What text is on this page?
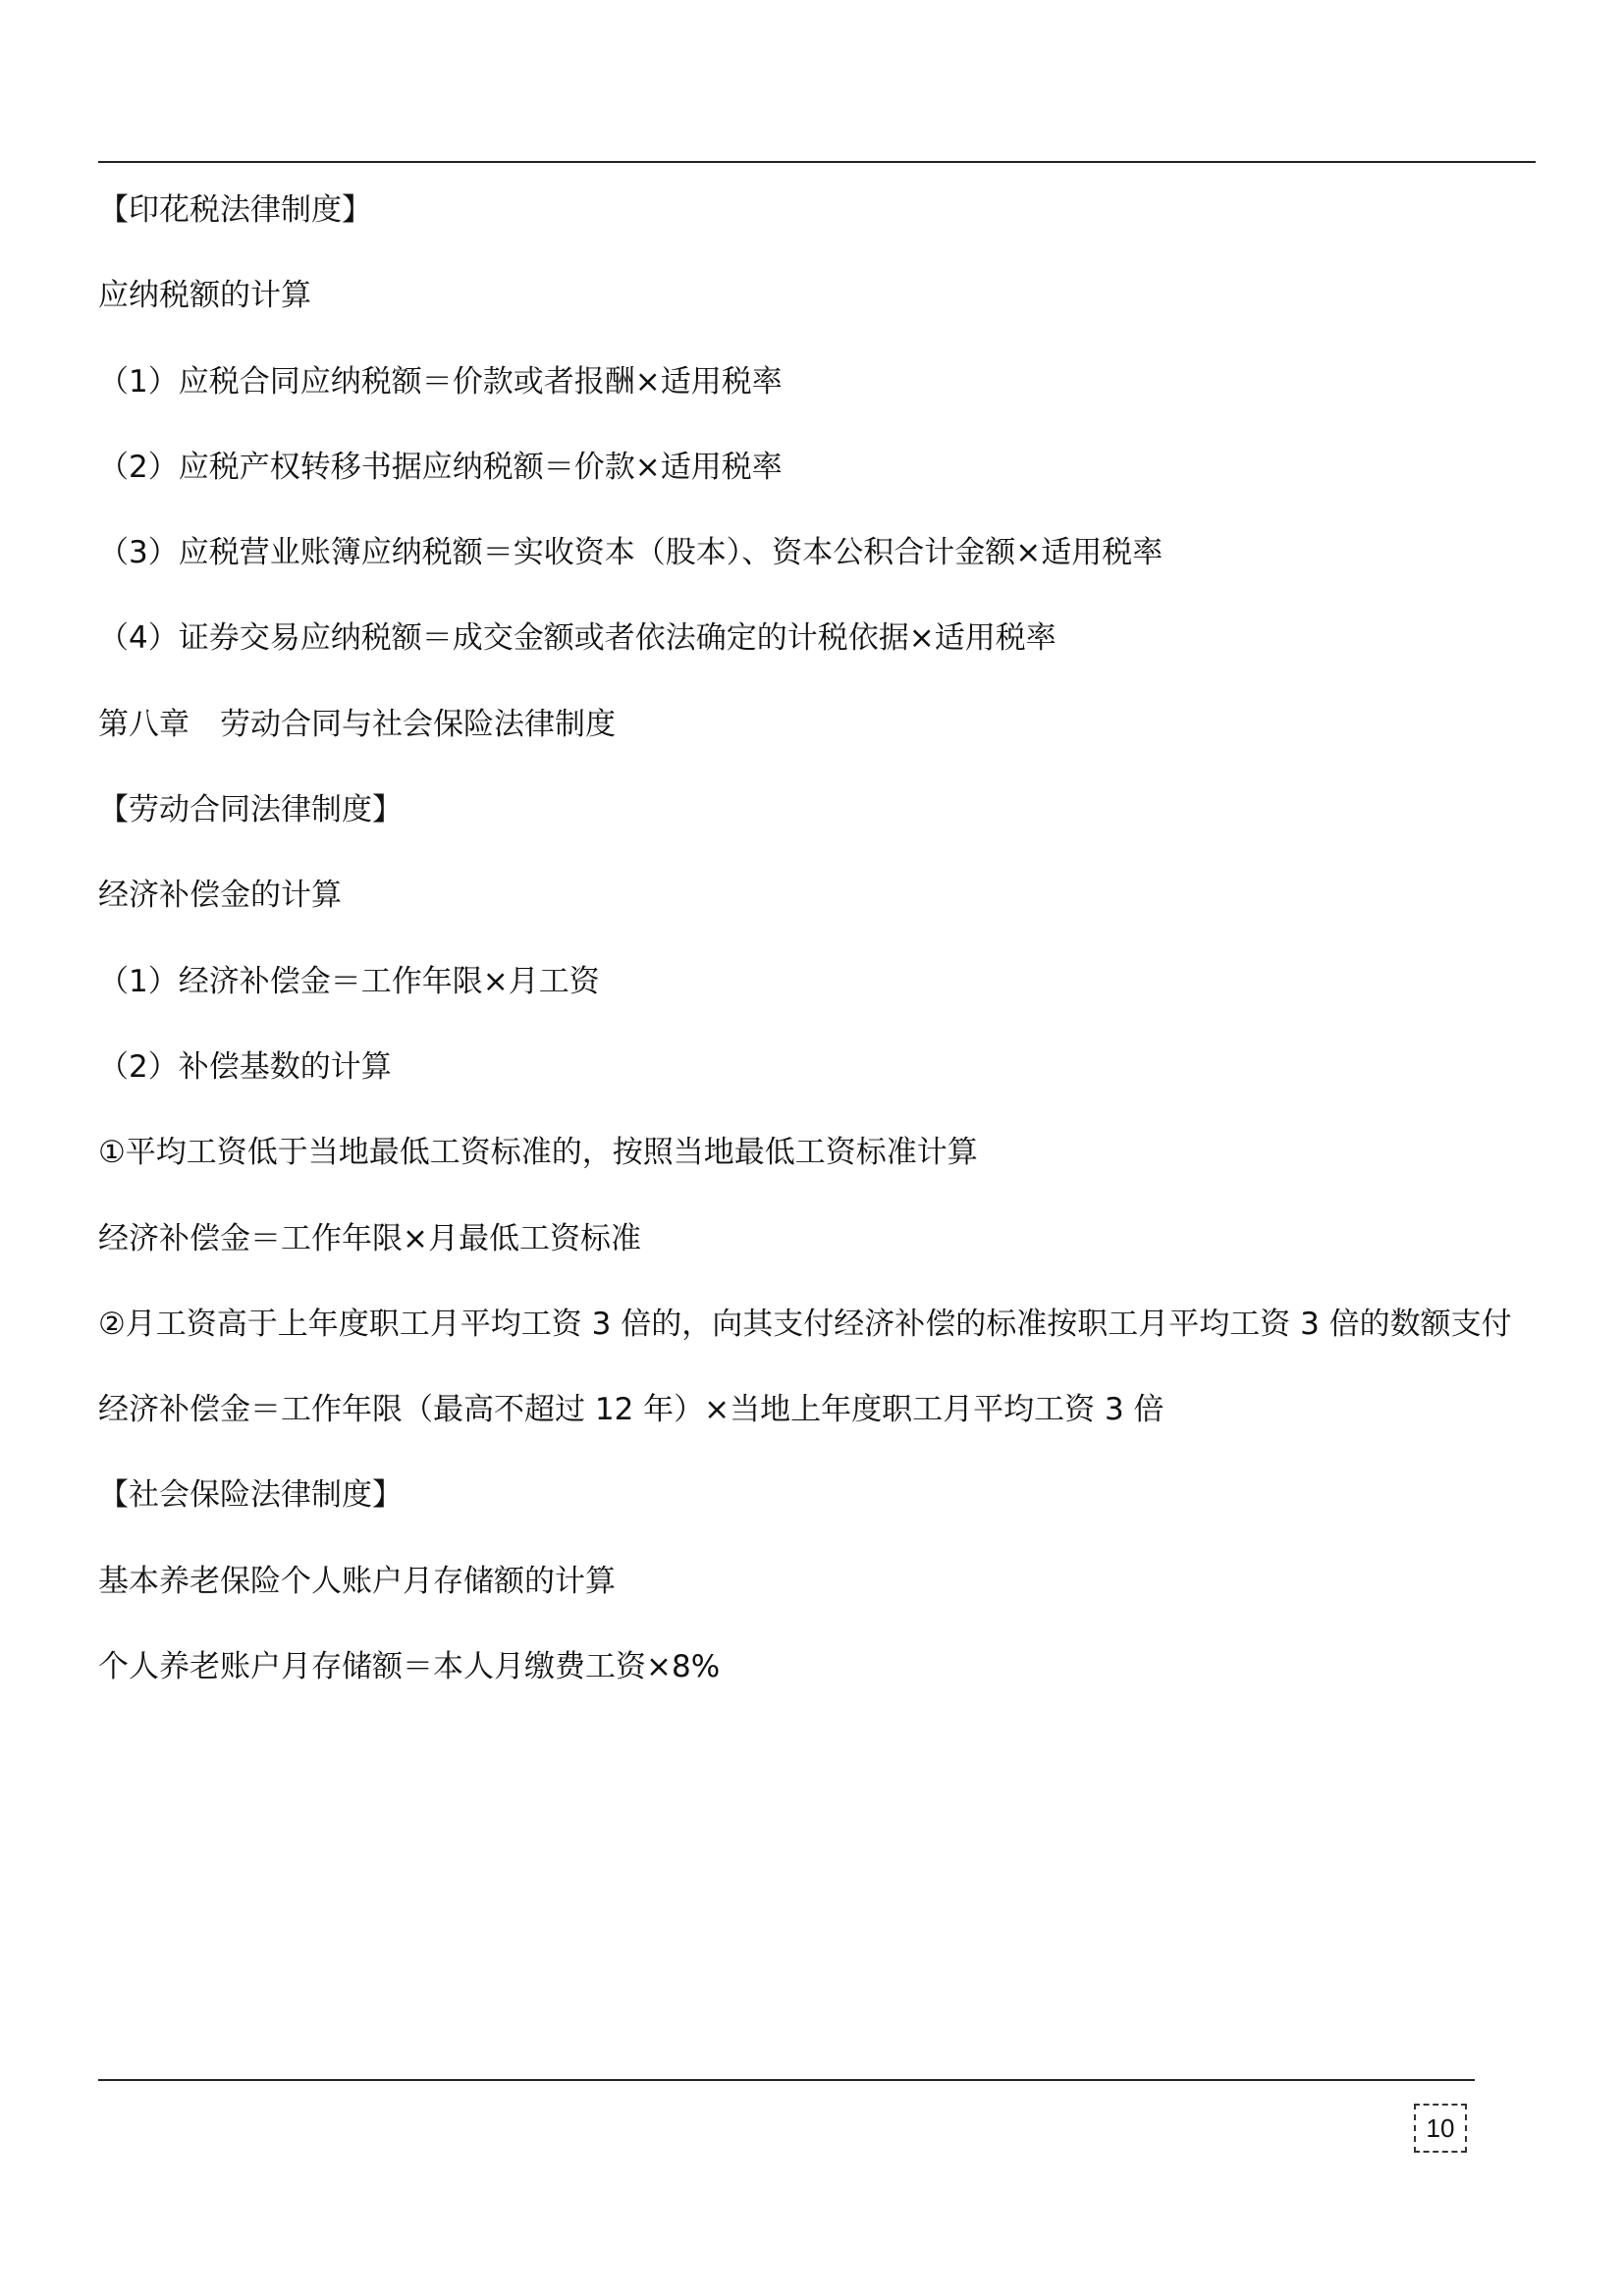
【印花税法律制度】
应纳税额的计算
（1）应税合同应纳税额＝价款或者报酬×适用税率
（2）应税产权转移书据应纳税额＝价款×适用税率
（3）应税营业账簿应纳税额＝实收资本（股本）、资本公积合计金额×适用税率
（4）证券交易应纳税额＝成交金额或者依法确定的计税依据×适用税率
第八章　劳动合同与社会保险法律制度
【劳动合同法律制度】
经济补偿金的计算
（1）经济补偿金＝工作年限×月工资
（2）补偿基数的计算
①平均工资低于当地最低工资标准的，按照当地最低工资标准计算
经济补偿金＝工作年限×月最低工资标准
②月工资高于上年度职工月平均工资 3 倍的，向其支付经济补偿的标准按职工月平均工资 3 倍的数额支付
经济补偿金＝工作年限（最高不超过 12 年）×当地上年度职工月平均工资 3 倍
【社会保险法律制度】
基本养老保险个人账户月存储额的计算
个人养老账户月存储额＝本人月缴费工资×8%
10
